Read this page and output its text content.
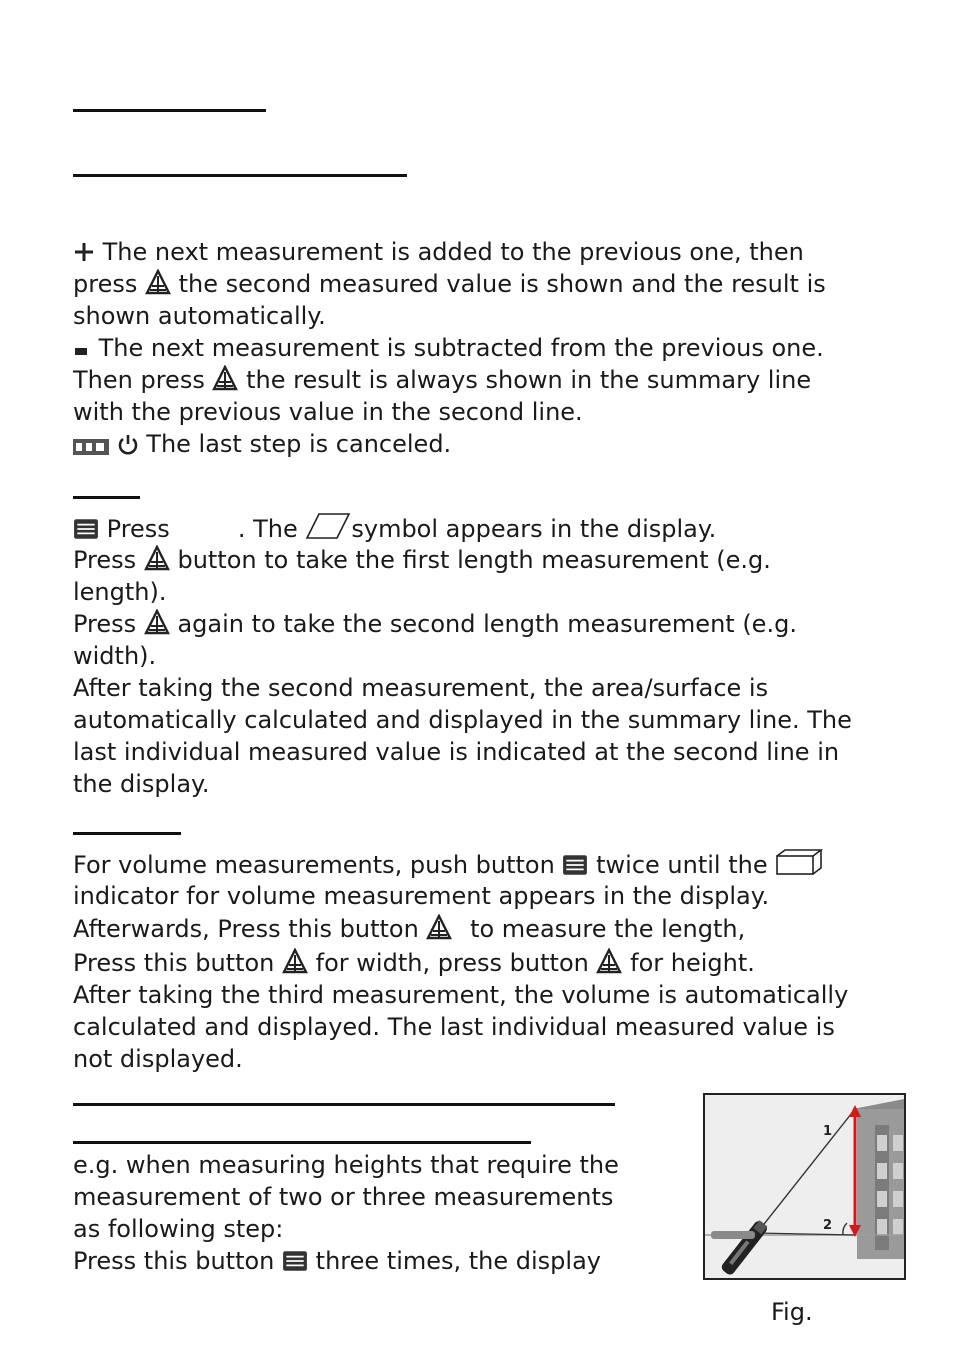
The next measurement is added to the previous one, then
press the second measured value is shown and the result is
shown automatically.
The next measurement is subtracted from the previous one.
Then press the result is always shown in the summary line
with the previous value in the second line.
The last step is canceled.
Press	. The symbol appears in the display.
Press button to take the first length measurement (e.g.
length).
Press again to take the second length measurement (e.g.
width).
After taking the second measurement, the area/surface is
automatically calculated and displayed in the summary line. The
last individual measured value is indicated at the second line in
the display.
For volume measurements, push button twice until the
indicator for volume measurement appears in the display.
Afterwards, Press this button to measure the length,
Press this button for width, press button for height.
After taking the third measurement, the volume is automatically
calculated and displayed. The last individual measured value is
not displayed.
e.g. when measuring heights that require the
measurement of two or three measurements
as following step:
Press this button three times, the display
1
2
Fig.
